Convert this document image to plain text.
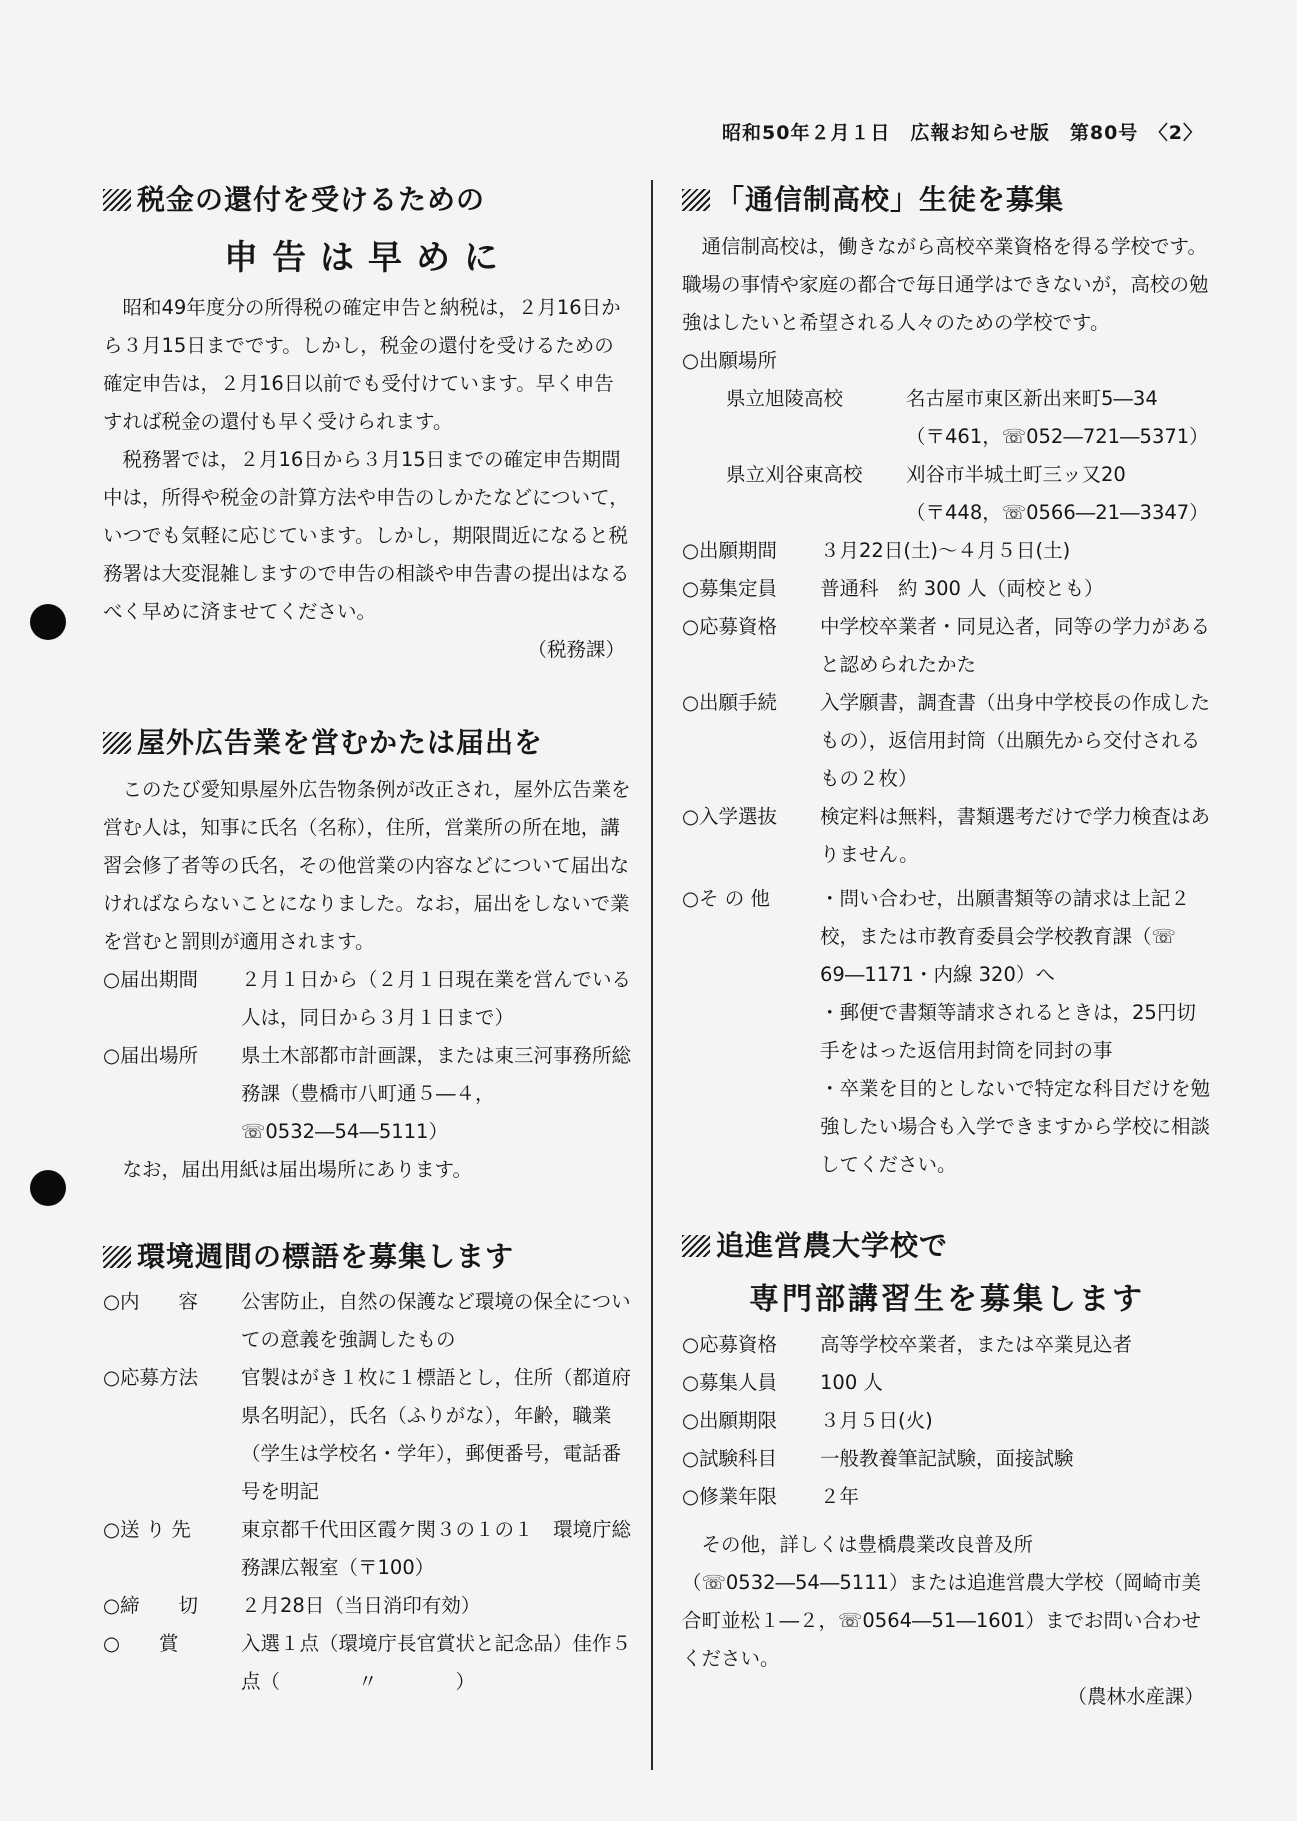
昭和50年２月１日　広報お知らせ版　第80号　〈2〉
税金の還付を受けるための
申告は早めに

昭和49年度分の所得税の確定申告と納税は，２月16日から３月15日までです。しかし，税金の還付を受けるための確定申告は，２月16日以前でも受付けています。早く申告すれば税金の還付も早く受けられます。

税務署では，２月16日から３月15日までの確定申告期間中は，所得や税金の計算方法や申告のしかたなどについて，いつでも気軽に応じています。しかし，期限間近になると税務署は大変混雑しますので申告の相談や申告書の提出はなるべく早めに済ませてください。

（税務課）

屋外広告業を営むかたは届出を

このたび愛知県屋外広告物条例が改正され，屋外広告業を営む人は，知事に氏名（名称），住所，営業所の所在地，講習会修了者等の氏名，その他営業の内容などについて届出なければならないことになりました。なお，届出をしないで業を営むと罰則が適用されます。

○届出期間	２月１日から（２月１日現在業を営んでいる人は，同日から３月１日まで）
○届出場所	県土木部都市計画課，または東三河事務所総務課（豊橋市八町通５―４，☏0532―54―5111）

なお，届出用紙は届出場所にあります。

環境週間の標語を募集します
○内　　容	公害防止，自然の保護など環境の保全についての意義を強調したもの
○応募方法	官製はがき１枚に１標語とし，住所（都道府県名明記），氏名（ふりがな），年齢，職業（学生は学校名・学年），郵便番号，電話番号を明記
○送 り 先	東京都千代田区霞ケ関３の１の１　環境庁総務課広報室（〒100）
○締　　切	２月28日（当日消印有効）
○　　賞	入選１点（環境庁長官賞状と記念品）佳作５点（　　　　〃　　　　）
「通信制高校」生徒を募集

通信制高校は，働きながら高校卒業資格を得る学校です。職場の事情や家庭の都合で毎日通学はできないが，高校の勉強はしたいと希望される人々のための学校です。

○出願場所
県立旭陵高校	名古屋市東区新出来町5―34
（〒461，☏052―721―5371）
県立刈谷東高校	刈谷市半城土町三ッ又20
（〒448，☏0566―21―3347）
○出願期間	３月22日(土)～４月５日(土)
○募集定員	普通科　約 300 人（両校とも）
○応募資格	中学校卒業者・同見込者，同等の学力があると認められたかた
○出願手続	入学願書，調査書（出身中学校長の作成したもの），返信用封筒（出願先から交付されるもの２枚）
○入学選抜	検定料は無料，書類選考だけで学力検査はありません。
○そ の 他	・問い合わせ，出願書類等の請求は上記２校，または市教育委員会学校教育課（☏ 69―1171・内線 320）へ
・郵便で書類等請求されるときは，25円切手をはった返信用封筒を同封の事
・卒業を目的としないで特定な科目だけを勉強したい場合も入学できますから学校に相談してください。
追進営農大学校で
専門部講習生を募集します
○応募資格	高等学校卒業者，または卒業見込者
○募集人員	100 人
○出願期限	３月５日(火)
○試験科目	一般教養筆記試験，面接試験
○修業年限	２年

その他，詳しくは豊橋農業改良普及所（☏0532―54―5111）または追進営農大学校（岡崎市美合町並松１―２，☏0564―51―1601）までお問い合わせください。

（農林水産課）
